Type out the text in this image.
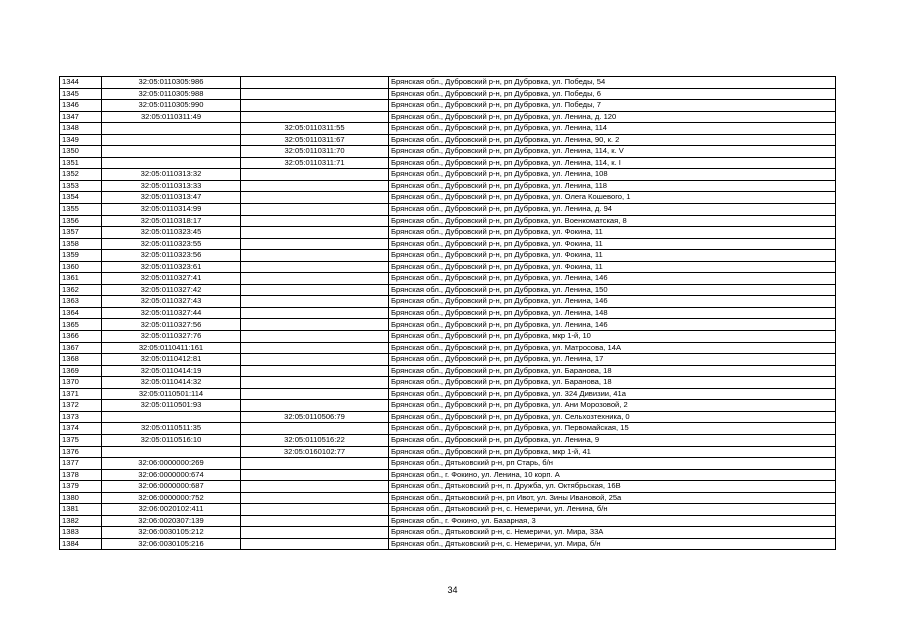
1344	32:05:0110305:986		Брянская обл., Дубровский р-н, рп Дубровка, ул. Победы, 54
1345	32:05:0110305:988		Брянская обл., Дубровский р-н, рп Дубровка, ул. Победы, 6
1346	32:05:0110305:990		Брянская обл., Дубровский р-н, рп Дубровка, ул. Победы, 7
1347	32:05:0110311:49		Брянская обл., Дубровский р-н, рп Дубровка, ул. Ленина, д. 120
1348		32:05:0110311:55	Брянская обл., Дубровский р-н, рп Дубровка, ул. Ленина, 114
1349		32:05:0110311:67	Брянская обл., Дубровский р-н, рп Дубровка, ул. Ленина, 90, к. 2
1350		32:05:0110311:70	Брянская обл., Дубровский р-н, рп Дубровка, ул. Ленина, 114, к. V
1351		32:05:0110311:71	Брянская обл., Дубровский р-н, рп Дубровка, ул. Ленина, 114, к. I
1352	32:05:0110313:32		Брянская обл., Дубровский р-н, рп Дубровка, ул. Ленина, 108
1353	32:05:0110313:33		Брянская обл., Дубровский р-н, рп Дубровка, ул. Ленина, 118
1354	32:05:0110313:47		Брянская обл., Дубровский р-н, рп Дубровка, ул. Олега Кошевого, 1
1355	32:05:0110314:99		Брянская обл., Дубровский р-н, рп Дубровка, ул. Ленина, д. 94
1356	32:05:0110318:17		Брянская обл., Дубровский р-н, рп Дубровка, ул. Военкоматская, 8
1357	32:05:0110323:45		Брянская обл., Дубровский р-н, рп Дубровка, ул. Фокина, 11
1358	32:05:0110323:55		Брянская обл., Дубровский р-н, рп Дубровка, ул. Фокина, 11
1359	32:05:0110323:56		Брянская обл., Дубровский р-н, рп Дубровка, ул. Фокина, 11
1360	32:05:0110323:61		Брянская обл., Дубровский р-н, рп Дубровка, ул. Фокина, 11
1361	32:05:0110327:41		Брянская обл., Дубровский р-н, рп Дубровка, ул. Ленина, 146
1362	32:05:0110327:42		Брянская обл., Дубровский р-н, рп Дубровка, ул. Ленина, 150
1363	32:05:0110327:43		Брянская обл., Дубровский р-н, рп Дубровка, ул. Ленина, 146
1364	32:05:0110327:44		Брянская обл., Дубровский р-н, рп Дубровка, ул. Ленина, 148
1365	32:05:0110327:56		Брянская обл., Дубровский р-н, рп Дубровка, ул. Ленина, 146
1366	32:05:0110327:76		Брянская обл., Дубровский р-н, рп Дубровка, мкр 1-й, 10
1367	32:05:0110411:161		Брянская обл., Дубровский р-н, рп Дубровка, ул. Матросова, 14А
1368	32:05:0110412:81		Брянская обл., Дубровский р-н, рп Дубровка, ул. Ленина, 17
1369	32:05:0110414:19		Брянская обл., Дубровский р-н, рп Дубровка, ул. Баранова, 18
1370	32:05:0110414:32		Брянская обл., Дубровский р-н, рп Дубровка, ул. Баранова, 18
1371	32:05:0110501:114		Брянская обл., Дубровский р-н, рп Дубровка, ул. 324 Дивизии, 41а
1372	32:05:0110501:93		Брянская обл., Дубровский р-н, рп Дубровка, ул. Ани Морозовой, 2
1373		32:05:0110506:79	Брянская обл., Дубровский р-н, рп Дубровка, ул. Сельхозтехника, 0
1374	32:05:0110511:35		Брянская обл., Дубровский р-н, рп Дубровка, ул. Первомайская, 15
1375	32:05:0110516:10	32:05:0110516:22	Брянская обл., Дубровский р-н, рп Дубровка, ул. Ленина, 9
1376		32:05:0160102:77	Брянская обл., Дубровский р-н, рп Дубровка, мкр 1-й, 41
1377	32:06:0000000:269		Брянская обл., Дятьковский р-н, рп Старь, б/н
1378	32:06:0000000:674		Брянская обл., г. Фокино, ул. Ленина, 10 корп. А
1379	32:06:0000000:687		Брянская обл., Дятьковский р-н, п. Дружба, ул. Октябрьская, 16В
1380	32:06:0000000:752		Брянская обл., Дятьковский р-н, рп Ивот, ул. Зины Ивановой, 25а
1381	32:06:0020102:411		Брянская обл., Дятьковский р-н, с. Немеричи, ул. Ленина, б/н
1382	32:06:0020307:139		Брянская обл., г. Фокино, ул. Базарная, 3
1383	32:06:0030105:212		Брянская обл., Дятьковский р-н, с. Немеричи, ул. Мира, 33А
1384	32:06:0030105:216		Брянская обл., Дятьковский р-н, с. Немеричи, ул. Мира, б/н
34
